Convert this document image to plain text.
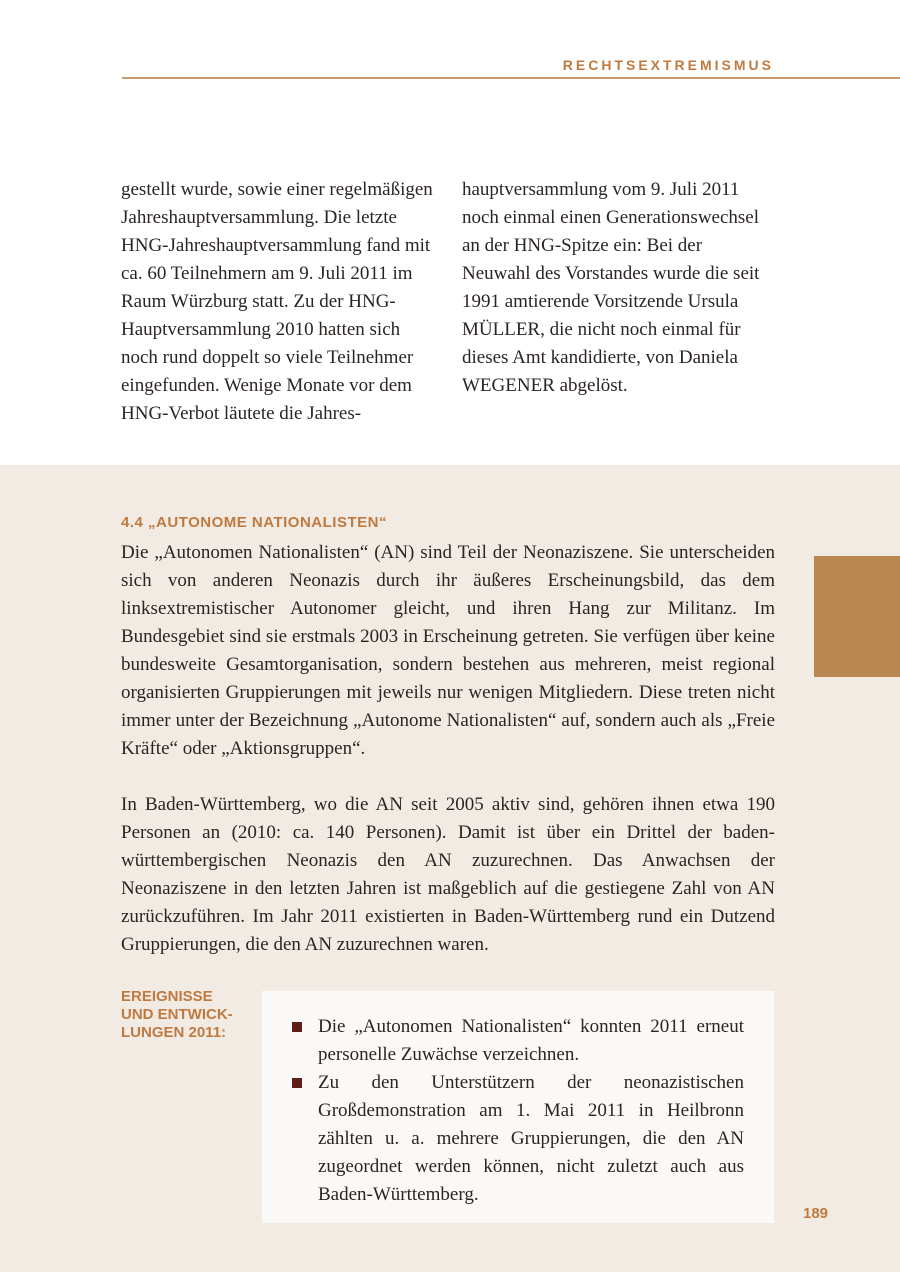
RECHTSEXTREMISMUS

gestellt wurde, sowie einer regelmäßigen Jahreshauptversammlung. Die letzte HNG-Jahreshauptversammlung fand mit ca. 60 Teilnehmern am 9. Juli 2011 im Raum Würzburg statt. Zu der HNG-Hauptversammlung 2010 hatten sich noch rund doppelt so viele Teilnehmer eingefunden. Wenige Monate vor dem HNG-Verbot läutete die Jahres-

hauptversammlung vom 9. Juli 2011 noch einmal einen Generationswechsel an der HNG-Spitze ein: Bei der Neuwahl des Vorstandes wurde die seit 1991 amtierende Vorsitzende Ursula MÜLLER, die nicht noch einmal für dieses Amt kandidierte, von Daniela WEGENER abgelöst.

4.4 „AUTONOME NATIONALISTEN“

Die „Autonomen Nationalisten“ (AN) sind Teil der Neonaziszene. Sie unterscheiden sich von anderen Neonazis durch ihr äußeres Erscheinungsbild, das dem linksextremistischer Autonomer gleicht, und ihren Hang zur Militanz. Im Bundesgebiet sind sie erstmals 2003 in Erscheinung getreten. Sie verfügen über keine bundesweite Gesamtorganisation, sondern bestehen aus mehreren, meist regional organisierten Gruppierungen mit jeweils nur wenigen Mitgliedern. Diese treten nicht immer unter der Bezeichnung „Autonome Nationalisten“ auf, sondern auch als „Freie Kräfte“ oder „Aktionsgruppen“.

In Baden-Württemberg, wo die AN seit 2005 aktiv sind, gehören ihnen etwa 190 Personen an (2010: ca. 140 Personen). Damit ist über ein Drittel der baden-württembergischen Neonazis den AN zuzurechnen. Das Anwachsen der Neonaziszene in den letzten Jahren ist maßgeblich auf die gestiegene Zahl von AN zurückzuführen. Im Jahr 2011 existierten in Baden-Württemberg rund ein Dutzend Gruppierungen, die den AN zuzurechnen waren.

EREIGNISSE
UND ENTWICK-
LUNGEN 2011:	Die „Autonomen Nationalisten“ konnten 2011 erneut personelle Zuwächse verzeichnen.
Zu den Unterstützern der neonazistischen Großdemonstration am 1. Mai 2011 in Heilbronn zählten u. a. mehrere Gruppierungen, die den AN zugeordnet werden können, nicht zuletzt auch aus Baden-Württemberg.
189
